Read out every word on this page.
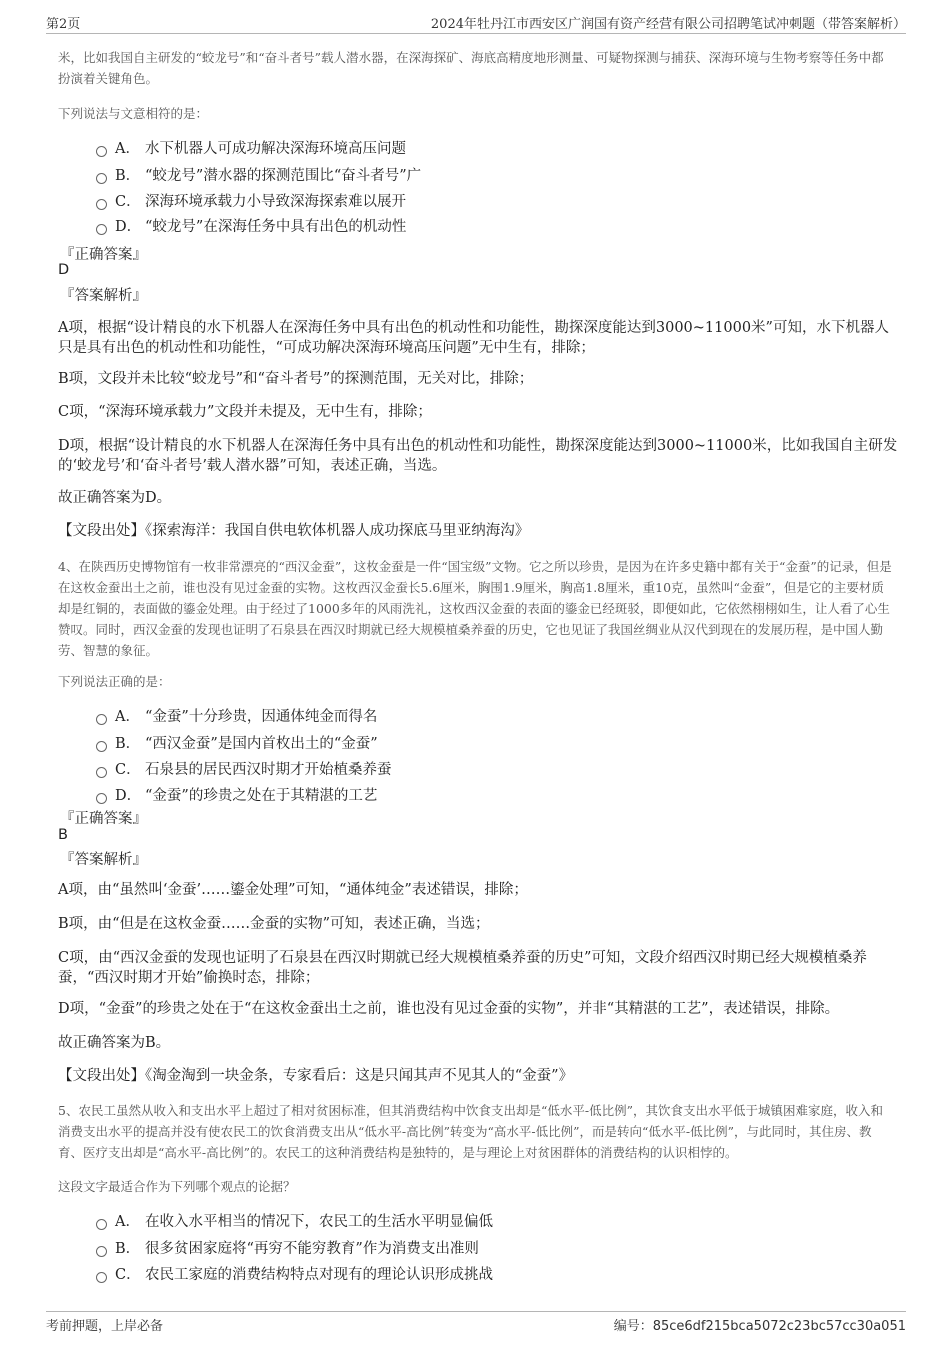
第2页	2024年牡丹江市西安区广润国有资产经营有限公司招聘笔试冲刺题（带答案解析）

米，比如我国自主研发的“蛟龙号”和“奋斗者号”载人潜水器，在深海探矿、海底高精度地形测量、可疑物探测与捕获、深海环境与生物考察等任务中都扮演着关键角色。

下列说法与文意相符的是：

A． 水下机器人可成功解决深海环境高压问题
B． “蛟龙号”潜水器的探测范围比“奋斗者号”广
C． 深海环境承载力小导致深海探索难以展开
D． “蛟龙号”在深海任务中具有出色的机动性
『正确答案』
D
『答案解析』

A项，根据“设计精良的水下机器人在深海任务中具有出色的机动性和功能性，勘探深度能达到3000~11000米”可知，水下机器人只是具有出色的机动性和功能性，“可成功解决深海环境高压问题”无中生有，排除；

B项，文段并未比较“蛟龙号”和“奋斗者号”的探测范围，无关对比，排除；

C项，“深海环境承载力”文段并未提及，无中生有，排除；

D项，根据“设计精良的水下机器人在深海任务中具有出色的机动性和功能性，勘探深度能达到3000~11000米，比如我国自主研发的‘蛟龙号’和‘奋斗者号’载人潜水器”可知，表述正确，当选。

故正确答案为D。

【文段出处】《探索海洋：我国自供电软体机器人成功探底马里亚纳海沟》

4、在陕西历史博物馆有一枚非常漂亮的“西汉金蚕”，这枚金蚕是一件“国宝级”文物。它之所以珍贵，是因为在许多史籍中都有关于“金蚕”的记录，但是在这枚金蚕出土之前，谁也没有见过金蚕的实物。这枚西汉金蚕长5.6厘米，胸围1.9厘米，胸高1.8厘米，重10克，虽然叫“金蚕”，但是它的主要材质却是红铜的，表面做的鎏金处理。由于经过了1000多年的风雨洗礼，这枚西汉金蚕的表面的鎏金已经斑驳，即便如此，它依然栩栩如生，让人看了心生赞叹。同时，西汉金蚕的发现也证明了石泉县在西汉时期就已经大规模植桑养蚕的历史，它也见证了我国丝绸业从汉代到现在的发展历程，是中国人勤劳、智慧的象征。

下列说法正确的是：

A． “金蚕”十分珍贵，因通体纯金而得名
B． “西汉金蚕”是国内首枚出土的“金蚕”
C． 石泉县的居民西汉时期才开始植桑养蚕
D． “金蚕”的珍贵之处在于其精湛的工艺
『正确答案』
B
『答案解析』

A项，由“虽然叫‘金蚕’……鎏金处理”可知，“通体纯金”表述错误，排除；

B项，由“但是在这枚金蚕……金蚕的实物”可知，表述正确，当选；

C项，由“西汉金蚕的发现也证明了石泉县在西汉时期就已经大规模植桑养蚕的历史”可知，文段介绍西汉时期已经大规模植桑养蚕，“西汉时期才开始”偷换时态，排除；

D项，“金蚕”的珍贵之处在于“在这枚金蚕出土之前，谁也没有见过金蚕的实物”，并非“其精湛的工艺”，表述错误，排除。

故正确答案为B。

【文段出处】《淘金淘到一块金条，专家看后：这是只闻其声不见其人的“金蚕”》

5、农民工虽然从收入和支出水平上超过了相对贫困标准，但其消费结构中饮食支出却是“低水平-低比例”，其饮食支出水平低于城镇困难家庭，收入和消费支出水平的提高并没有使农民工的饮食消费支出从“低水平-高比例”转变为“高水平-低比例”，而是转向“低水平-低比例”，与此同时，其住房、教育、医疗支出却是“高水平-高比例”的。农民工的这种消费结构是独特的，是与理论上对贫困群体的消费结构的认识相悖的。

这段文字最适合作为下列哪个观点的论据？

A． 在收入水平相当的情况下，农民工的生活水平明显偏低
B． 很多贫困家庭将“再穷不能穷教育”作为消费支出准则
C． 农民工家庭的消费结构特点对现有的理论认识形成挑战
考前押题，上岸必备	编号：85ce6df215bca5072c23bc57cc30a051
